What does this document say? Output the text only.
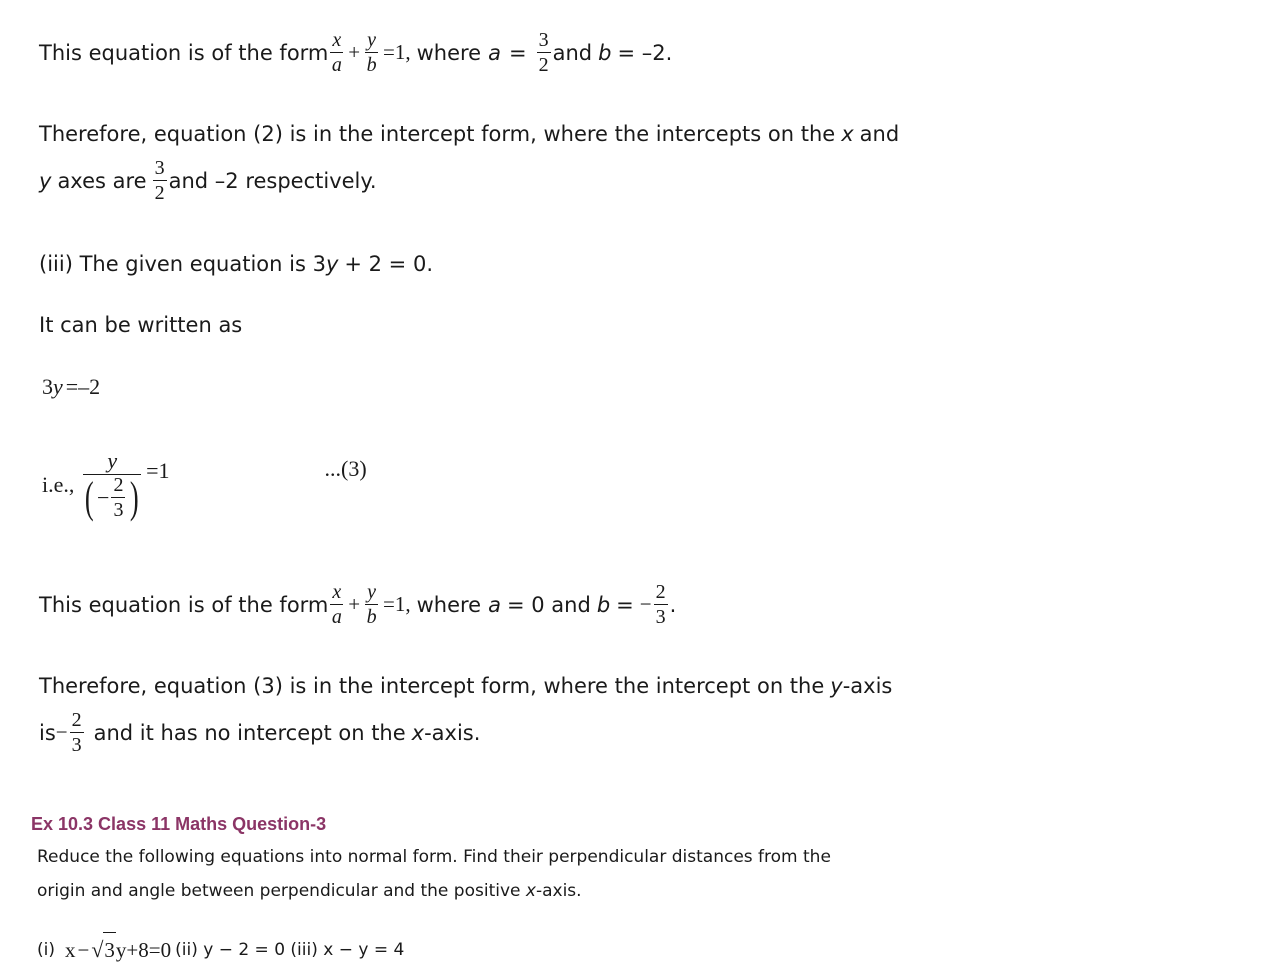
This equation is of the form $\frac{x}{a} + \frac{y}{b} =1$, where $a = \frac{3}{2}$ and b = –2.
Therefore, equation (2) is in the intercept form, where the intercepts on the x and
y axes are $\frac{3}{2}$ and –2 respectively.
(iii) The given equation is 3 y + 2 = 0.
It can be written as
3 y =–2
i.e., $\frac{y}{( - \frac{2}{3} )} =1$	...(3)
This equation is of the form $\frac{x}{a} + \frac{y}{b} =1$, where a = 0 and b = − $\frac{2}{3}$ .
Therefore, equation (3) is in the intercept form, where the intercept on the y -axis
is − $\frac{2}{3}$ and it has no intercept on the x -axis.
Ex 10.3 Class 11 Maths Question-3
Reduce the following equations into normal form. Find their perpendicular distances from the
origin and angle between perpendicular and the positive x-axis.
(i) x − √ 3 y +8=0 (ii) y − 2 = 0 (iii) x − y = 4
